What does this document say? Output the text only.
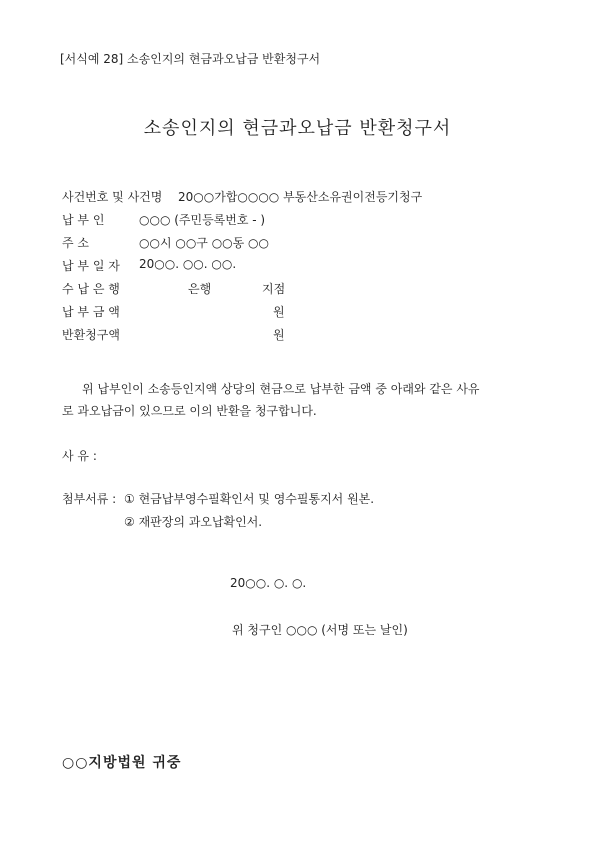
[서식예 28] 소송인지의 현금과오납금 반환청구서
소송인지의 현금과오납금 반환청구서
사건번호 및 사건명 20○○가합○○○○ 부동산소유권이전등기청구
납 부 인	○○○ (주민등록번호 - )
주 소	○○시 ○○구 ○○동 ○○
납 부 일 자 20○○. ○○. ○○.
수 납 은 행	은행	지점
납 부 금 액	원
반환청구액	원
위 납부인이 소송등인지액 상당의 현금으로 납부한 금액 중 아래와 같은 사유
로 과오납금이 있으므로 이의 반환을 청구합니다.
사 유 :
첨부서류 : ① 현금납부영수필확인서 및 영수필통지서 원본.
② 재판장의 과오납확인서.
20○○. ○. ○.
위 청구인 ○○○ (서명 또는 날인)
○○지방법원 귀중
